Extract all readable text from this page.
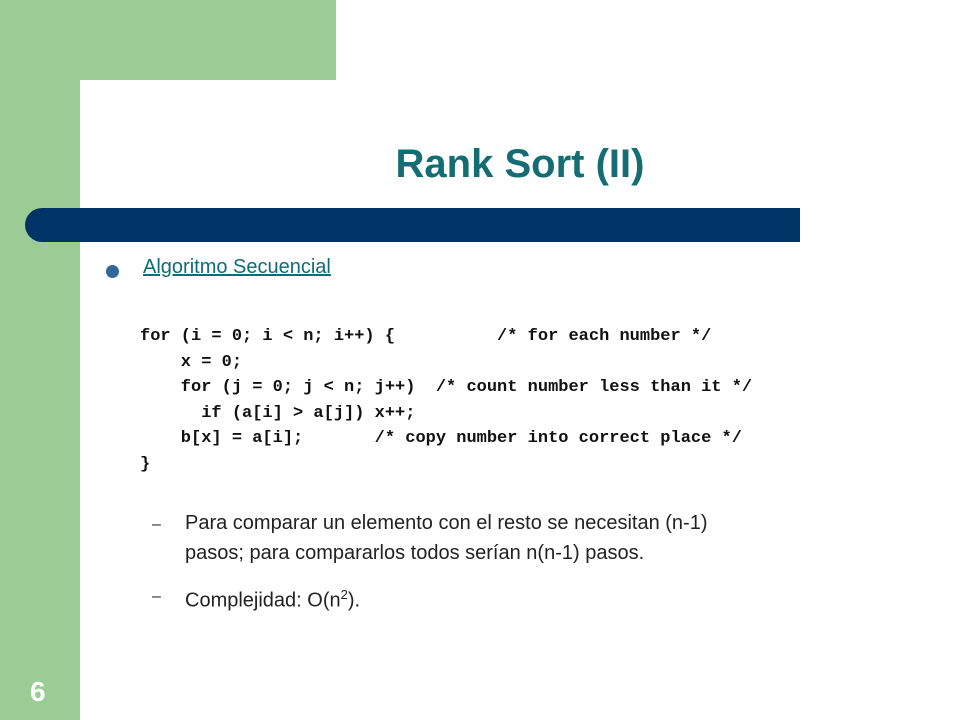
Rank Sort (II)
Algoritmo Secuencial
for (i = 0; i < n; i++) {          /* for each number */
x = 0;
for (j = 0; j < n; j++)  /* count number less than it */
if (a[i] > a[j]) x++;
b[x] = a[i];       /* copy number into correct place */
}
– Para comparar un elemento con el resto se necesitan (n-1)
pasos; para compararlos todos serían n(n-1) pasos.
– Complejidad: $O(n^2)$.
6
